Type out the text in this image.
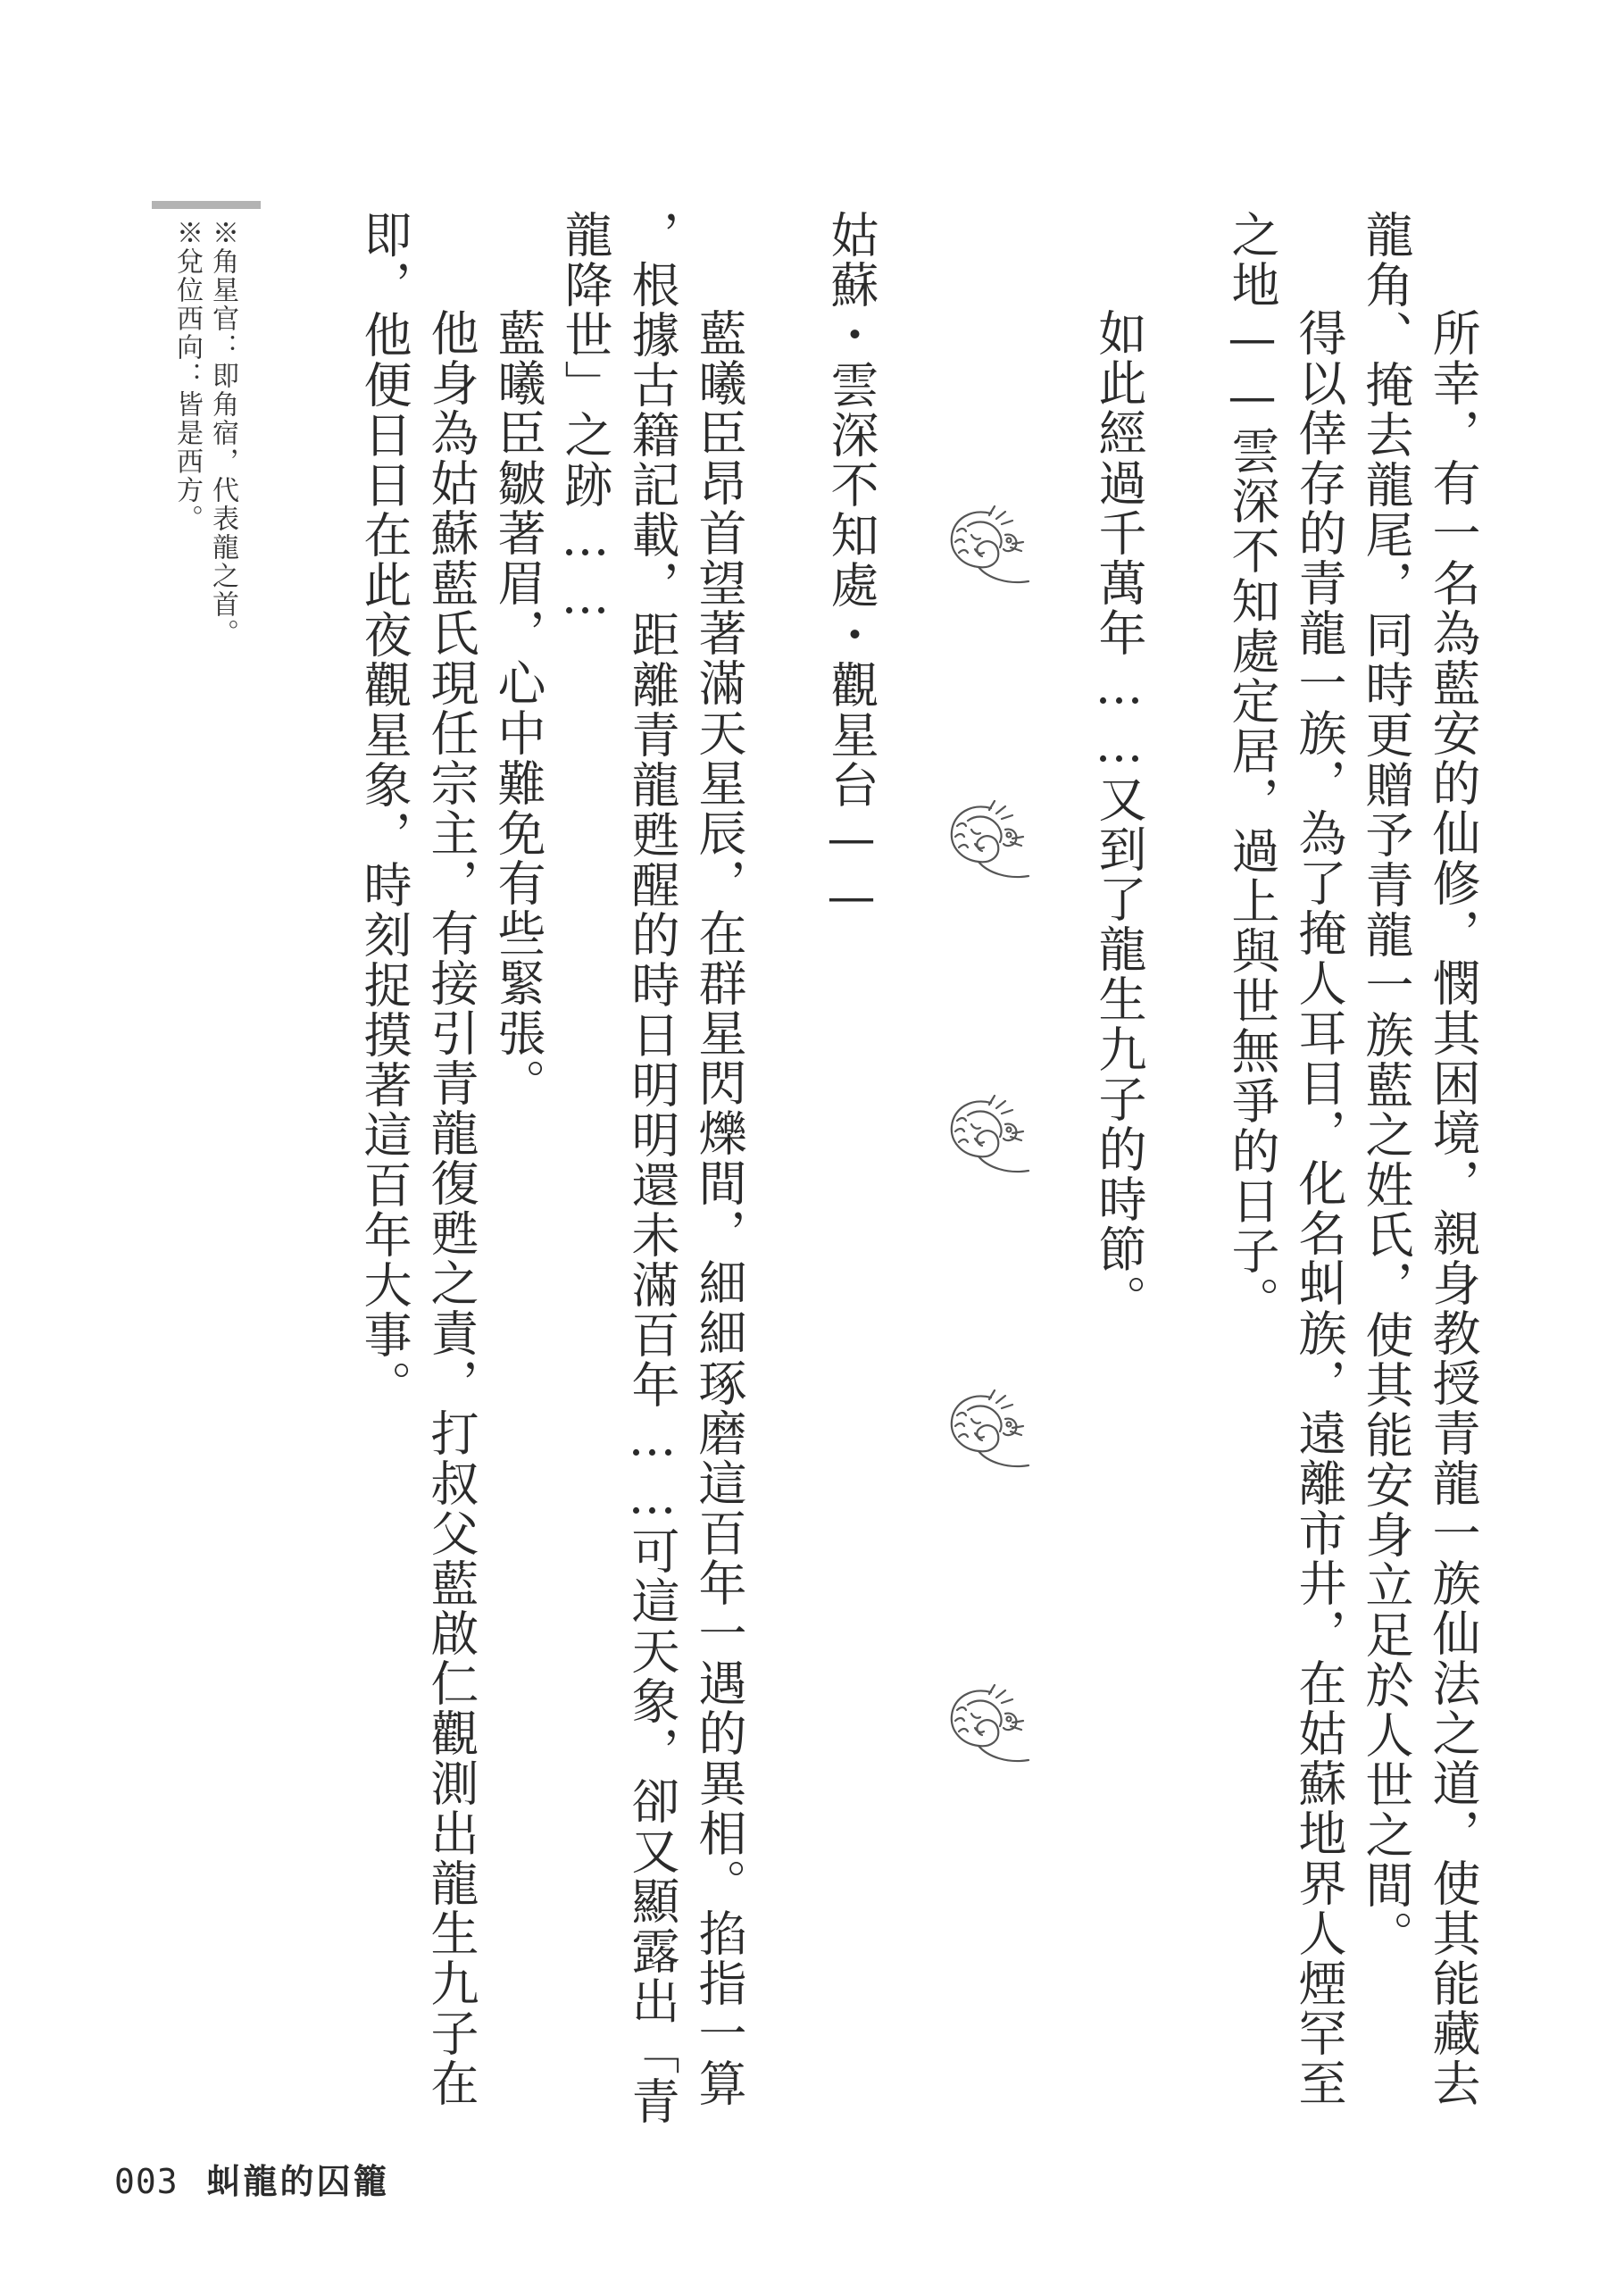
所幸，有一名為藍安的仙修，憫其困境，親身教授青龍一族仙法之道，使其能藏去

龍角、掩去龍尾，同時更贈予青龍一族藍之姓氏，使其能安身立足於人世之間。

得以倖存的青龍一族，為了掩人耳目，化名虯族，遠離市井，在姑蘇地界人煙罕至

之地——雲深不知處定居，過上與世無爭的日子。

如此經過千萬年……又到了龍生九子的時節。

姑蘇・雲深不知處・觀星台——

藍曦臣昂首望著滿天星辰，在群星閃爍間，細細琢磨這百年一遇的異相。掐指一算

，根據古籍記載，距離青龍甦醒的時日明明還未滿百年……可這天象，卻又顯露出「青

龍降世」之跡……

藍曦臣皺著眉，心中難免有些緊張。

他身為姑蘇藍氏現任宗主，有接引青龍復甦之責，打叔父藍啟仁觀測出龍生九子在

即，他便日日在此夜觀星象，時刻捉摸著這百年大事。

※角星官：即角宿，代表龍之首。
※兌位西向：皆是西方。
003 虯龍的囚籠
